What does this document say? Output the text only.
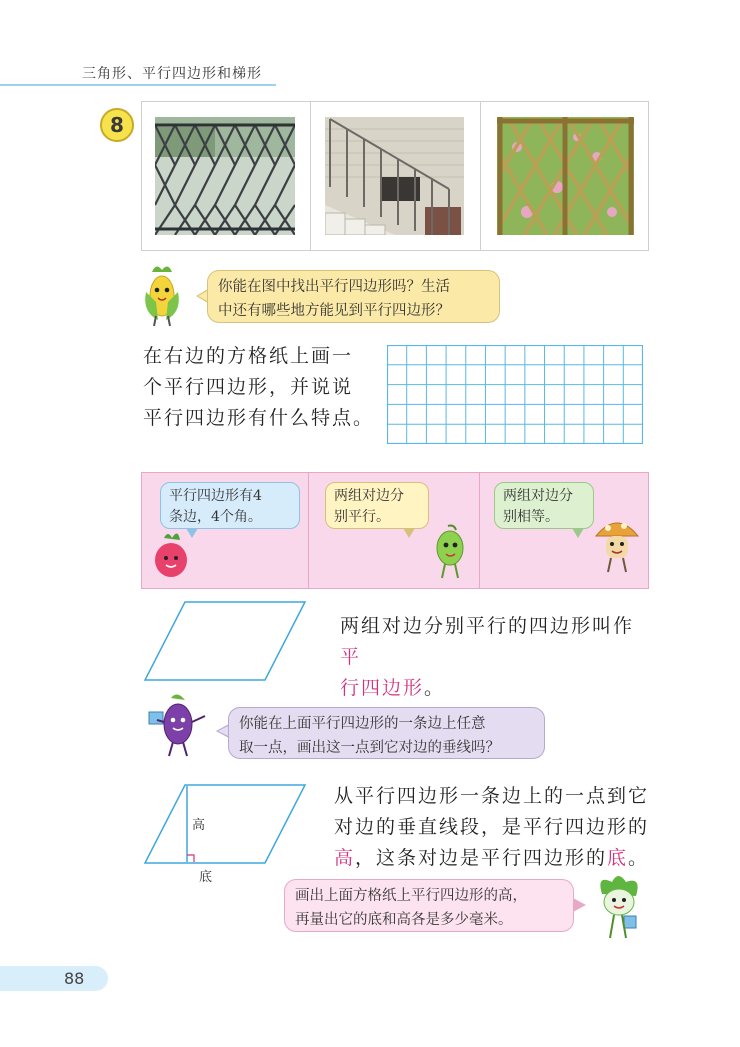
三角形、平行四边形和梯形
8
你能在图中找出平行四边形吗？生活
中还有哪些地方能见到平行四边形？
在右边的方格纸上画一
个平行四边形，并说说
平行四边形有什么特点。
平行四边形有4
条边，4个角。
两组对边分
别平行。
两组对边分
别相等。
两组对边分别平行的四边形叫作平
行四边形。
你能在上面平行四边形的一条边上任意
取一点，画出这一点到它对边的垂线吗？
高
底
从平行四边形一条边上的一点到它
对边的垂直线段，是平行四边形的
高，这条对边是平行四边形的底。
画出上面方格纸上平行四边形的高，
再量出它的底和高各是多少毫米。
88
